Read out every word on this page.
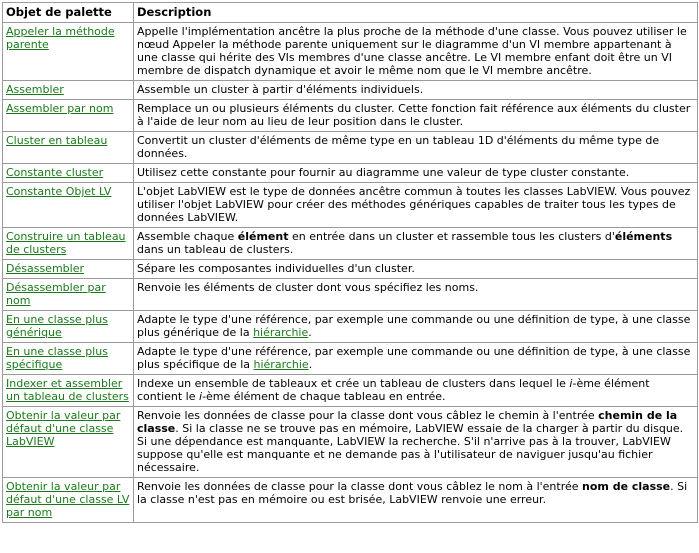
Objet de palette	Description
Appeler la méthode parente	Appelle l'implémentation ancêtre la plus proche de la méthode d'une classe. Vous pouvez utiliser le nœud Appeler la méthode parente uniquement sur le diagramme d'un VI membre appartenant à une classe qui hérite des VIs membres d'une classe ancêtre. Le VI membre enfant doit être un VI membre de dispatch dynamique et avoir le même nom que le VI membre ancêtre.
Assembler	Assemble un cluster à partir d'éléments individuels.
Assembler par nom	Remplace un ou plusieurs éléments du cluster. Cette fonction fait référence aux éléments du cluster à l'aide de leur nom au lieu de leur position dans le cluster.
Cluster en tableau	Convertit un cluster d'éléments de même type en un tableau 1D d'éléments du même type de données.
Constante cluster	Utilisez cette constante pour fournir au diagramme une valeur de type cluster constante.
Constante Objet LV	L'objet LabVIEW est le type de données ancêtre commun à toutes les classes LabVIEW. Vous pouvez utiliser l'objet LabVIEW pour créer des méthodes génériques capables de traiter tous les types de données LabVIEW.
Construire un tableau de clusters	Assemble chaque élément en entrée dans un cluster et rassemble tous les clusters d'éléments dans un tableau de clusters.
Désassembler	Sépare les composantes individuelles d'un cluster.
Désassembler par nom	Renvoie les éléments de cluster dont vous spécifiez les noms.
En une classe plus générique	Adapte le type d'une référence, par exemple une commande ou une définition de type, à une classe plus générique de la hiérarchie.
En une classe plus spécifique	Adapte le type d'une référence, par exemple une commande ou une définition de type, à une classe plus spécifique de la hiérarchie.
Indexer et assembler un tableau de clusters	Indexe un ensemble de tableaux et crée un tableau de clusters dans lequel le i-ème élément contient le i-ème élément de chaque tableau en entrée.
Obtenir la valeur par défaut d'une classe LabVIEW	Renvoie les données de classe pour la classe dont vous câblez le chemin à l'entrée chemin de la classe. Si la classe ne se trouve pas en mémoire, LabVIEW essaie de la charger à partir du disque. Si une dépendance est manquante, LabVIEW la recherche. S'il n'arrive pas à la trouver, LabVIEW suppose qu'elle est manquante et ne demande pas à l'utilisateur de naviguer jusqu'au fichier nécessaire.
Obtenir la valeur par défaut d'une classe LV par nom	Renvoie les données de classe pour la classe dont vous câblez le nom à l'entrée nom de classe. Si la classe n'est pas en mémoire ou est brisée, LabVIEW renvoie une erreur.
